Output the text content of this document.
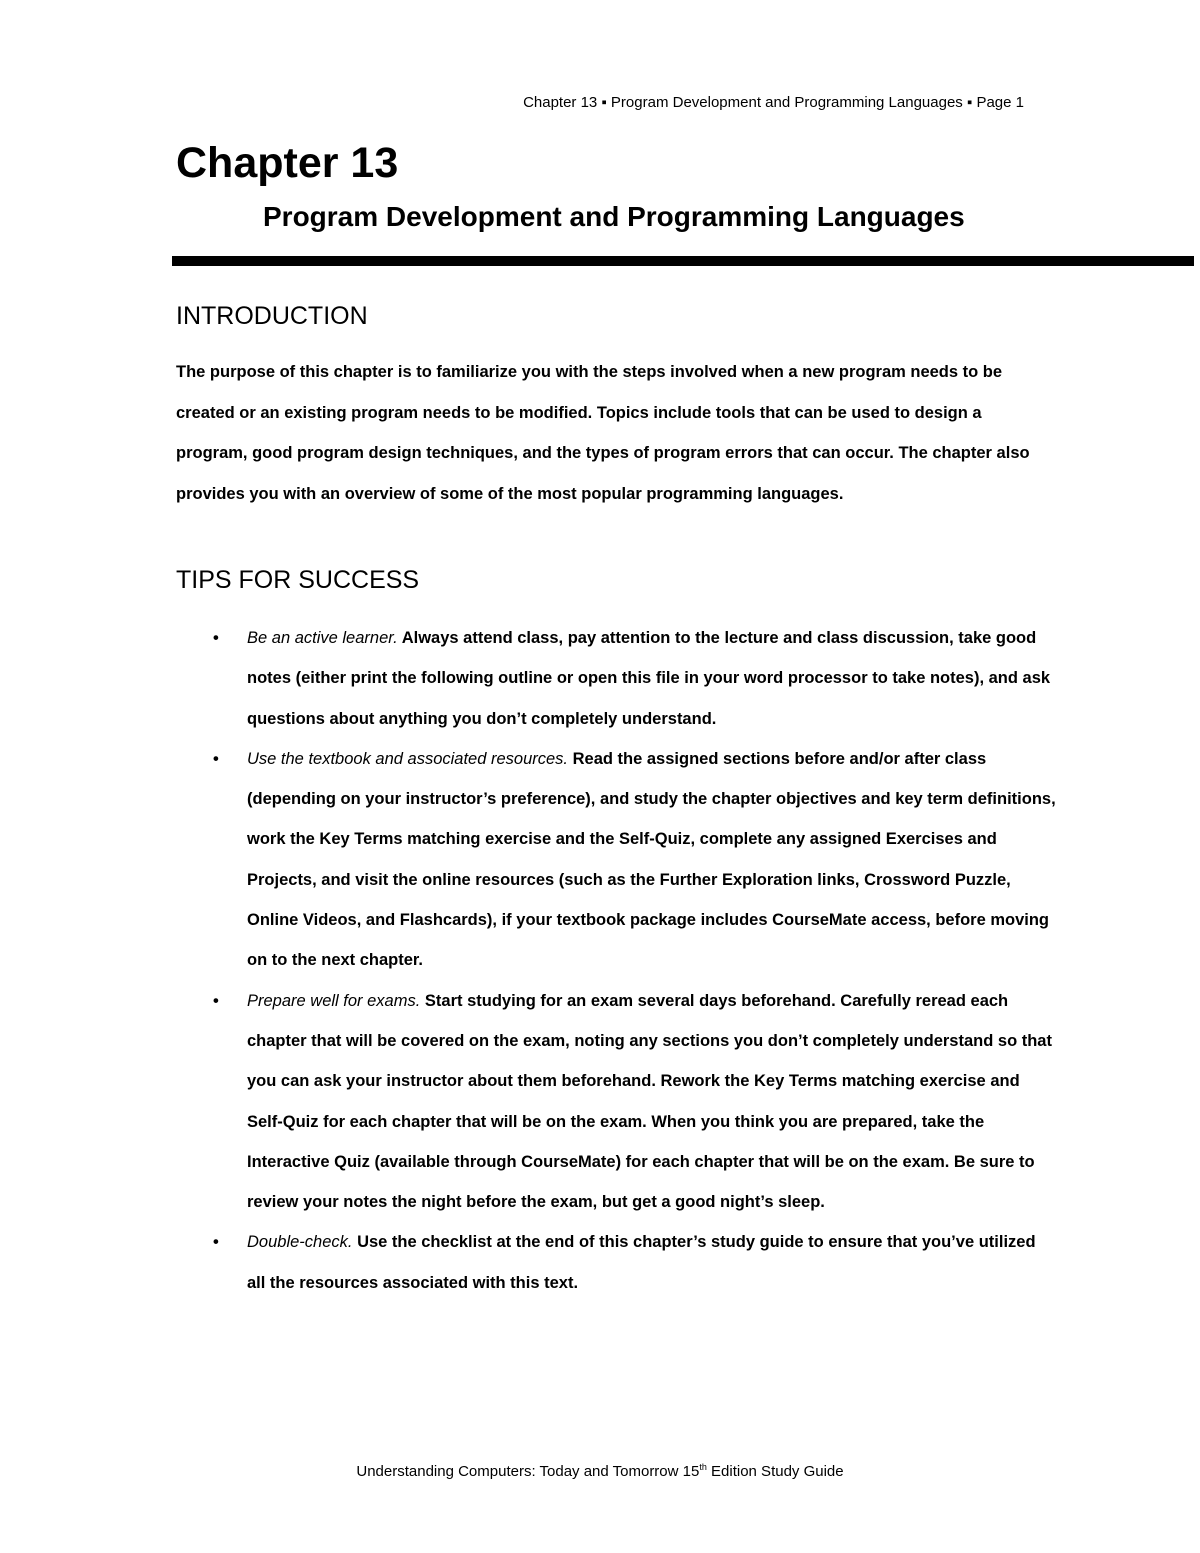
Chapter 13 ▪ Program Development and Programming Languages ▪ Page 1
Chapter 13
Program Development and Programming Languages
INTRODUCTION

The purpose of this chapter is to familiarize you with the steps involved when a new program needs to be created or an existing program needs to be modified. Topics include tools that can be used to design a program, good program design techniques, and the types of program errors that can occur. The chapter also provides you with an overview of some of the most popular programming languages.

TIPS FOR SUCCESS
• Be an active learner. Always attend class, pay attention to the lecture and class discussion, take good notes (either print the following outline or open this file in your word processor to take notes), and ask questions about anything you don’t completely understand.
• Use the textbook and associated resources. Read the assigned sections before and/or after class (depending on your instructor’s preference), and study the chapter objectives and key term definitions, work the Key Terms matching exercise and the Self-Quiz, complete any assigned Exercises and Projects, and visit the online resources (such as the Further Exploration links, Crossword Puzzle, Online Videos, and Flashcards), if your textbook package includes CourseMate access, before moving on to the next chapter.
• Prepare well for exams. Start studying for an exam several days beforehand. Carefully reread each chapter that will be covered on the exam, noting any sections you don’t completely understand so that you can ask your instructor about them beforehand. Rework the Key Terms matching exercise and Self-Quiz for each chapter that will be on the exam. When you think you are prepared, take the Interactive Quiz (available through CourseMate) for each chapter that will be on the exam. Be sure to review your notes the night before the exam, but get a good night’s sleep.
• Double-check. Use the checklist at the end of this chapter’s study guide to ensure that you’ve utilized all the resources associated with this text.
Understanding Computers: Today and Tomorrow 15th Edition Study Guide
